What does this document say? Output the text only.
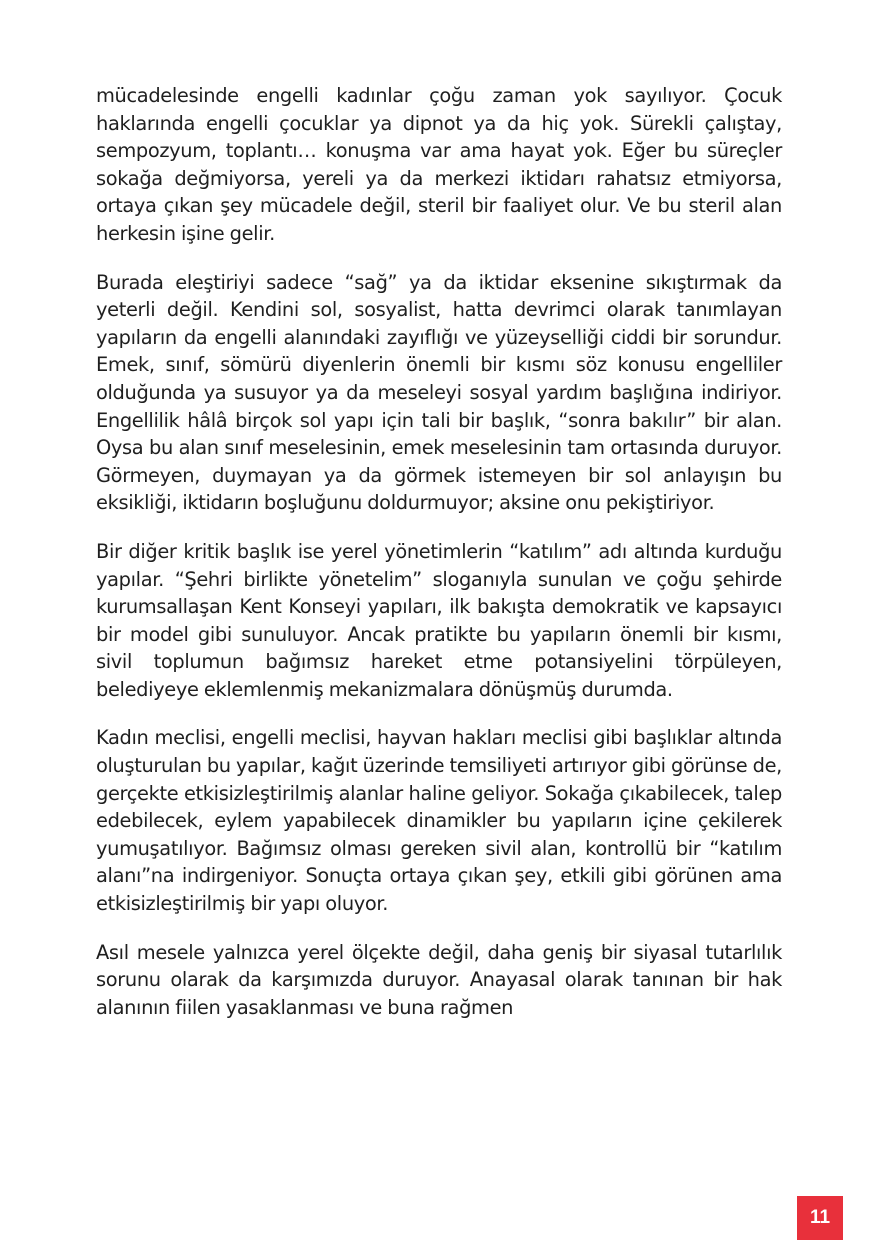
mücadelesinde engelli kadınlar çoğu zaman yok sayılıyor. Çocuk haklarında engelli çocuklar ya dipnot ya da hiç yok. Sürekli çalıştay, sempozyum, toplantı… konuşma var ama hayat yok. Eğer bu süreçler sokağa değmiyorsa, yereli ya da merkezi iktidarı rahatsız etmiyorsa, ortaya çıkan şey mücadele değil, steril bir faaliyet olur. Ve bu steril alan herkesin işine gelir.

Burada eleştiriyi sadece “sağ” ya da iktidar eksenine sıkıştırmak da yeterli değil. Kendini sol, sosyalist, hatta devrimci olarak tanımlayan yapıların da engelli alanındaki zayıflığı ve yüzeyselliği ciddi bir sorundur. Emek, sınıf, sömürü diyenlerin önemli bir kısmı söz konusu engelliler olduğunda ya susuyor ya da meseleyi sosyal yardım başlığına indiriyor. Engellilik hâlâ birçok sol yapı için tali bir başlık, “sonra bakılır” bir alan. Oysa bu alan sınıf meselesinin, emek meselesinin tam ortasında duruyor. Görmeyen, duymayan ya da görmek istemeyen bir sol anlayışın bu eksikliği, iktidarın boşluğunu doldurmuyor; aksine onu pekiştiriyor.

Bir diğer kritik başlık ise yerel yönetimlerin “katılım” adı altında kurduğu yapılar. “Şehri birlikte yönetelim” sloganıyla sunulan ve çoğu şehirde kurumsallaşan Kent Konseyi yapıları, ilk bakışta demokratik ve kapsayıcı bir model gibi sunuluyor. Ancak pratikte bu yapıların önemli bir kısmı, sivil toplumun bağımsız hareket etme potansiyelini törpüleyen, belediyeye eklemlenmiş mekanizmalara dönüşmüş durumda.

Kadın meclisi, engelli meclisi, hayvan hakları meclisi gibi başlıklar altında oluşturulan bu yapılar, kağıt üzerinde temsiliyeti artırıyor gibi görünse de, gerçekte etkisizleştirilmiş alanlar haline geliyor. Sokağa çıkabilecek, talep edebilecek, eylem yapabilecek dinamikler bu yapıların içine çekilerek yumuşatılıyor. Bağımsız olması gereken sivil alan, kontrollü bir “katılım alanı”na indirgeniyor. Sonuçta ortaya çıkan şey, etkili gibi görünen ama etkisizleştirilmiş bir yapı oluyor.

Asıl mesele yalnızca yerel ölçekte değil, daha geniş bir siyasal tutarlılık sorunu olarak da karşımızda duruyor. Anayasal olarak tanınan bir hak alanının fiilen yasaklanması ve buna rağmen

11
